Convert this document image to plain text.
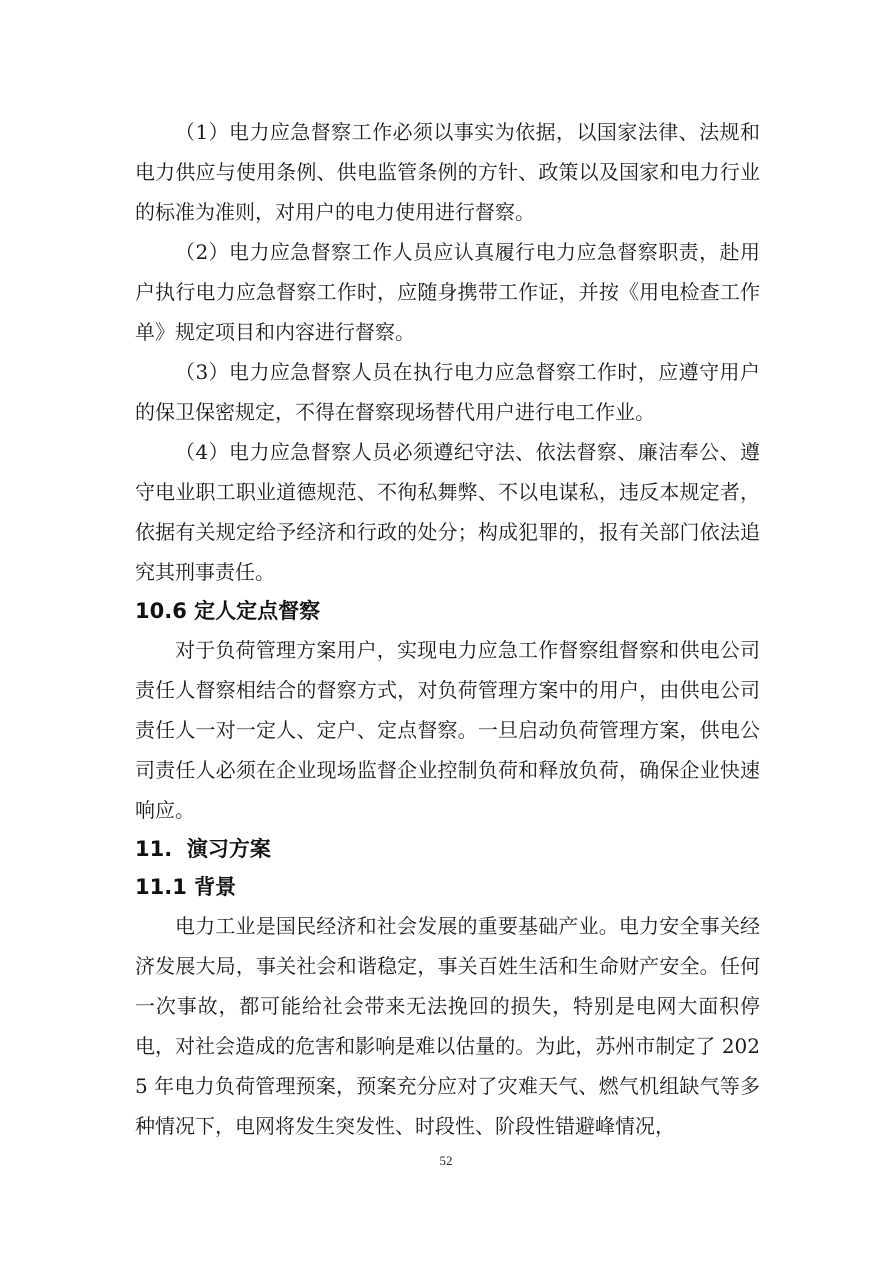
（1）电力应急督察工作必须以事实为依据，以国家法律、法规和电力供应与使用条例、供电监管条例的方针、政策以及国家和电力行业的标准为准则，对用户的电力使用进行督察。

（2）电力应急督察工作人员应认真履行电力应急督察职责，赴用户执行电力应急督察工作时，应随身携带工作证，并按《用电检查工作单》规定项目和内容进行督察。

（3）电力应急督察人员在执行电力应急督察工作时，应遵守用户的保卫保密规定，不得在督察现场替代用户进行电工作业。

（4）电力应急督察人员必须遵纪守法、依法督察、廉洁奉公、遵守电业职工职业道德规范、不徇私舞弊、不以电谋私，违反本规定者，依据有关规定给予经济和行政的处分；构成犯罪的，报有关部门依法追究其刑事责任。

10.6 定人定点督察

对于负荷管理方案用户，实现电力应急工作督察组督察和供电公司责任人督察相结合的督察方式，对负荷管理方案中的用户，由供电公司责任人一对一定人、定户、定点督察。一旦启动负荷管理方案，供电公司责任人必须在企业现场监督企业控制负荷和释放负荷，确保企业快速响应。

11.  演习方案
11.1 背景

电力工业是国民经济和社会发展的重要基础产业。电力安全事关经济发展大局，事关社会和谐稳定，事关百姓生活和生命财产安全。任何一次事故，都可能给社会带来无法挽回的损失，特别是电网大面积停电，对社会造成的危害和影响是难以估量的。为此，苏州市制定了 2025 年电力负荷管理预案，预案充分应对了灾难天气、燃气机组缺气等多种情况下，电网将发生突发性、时段性、阶段性错避峰情况，

52
